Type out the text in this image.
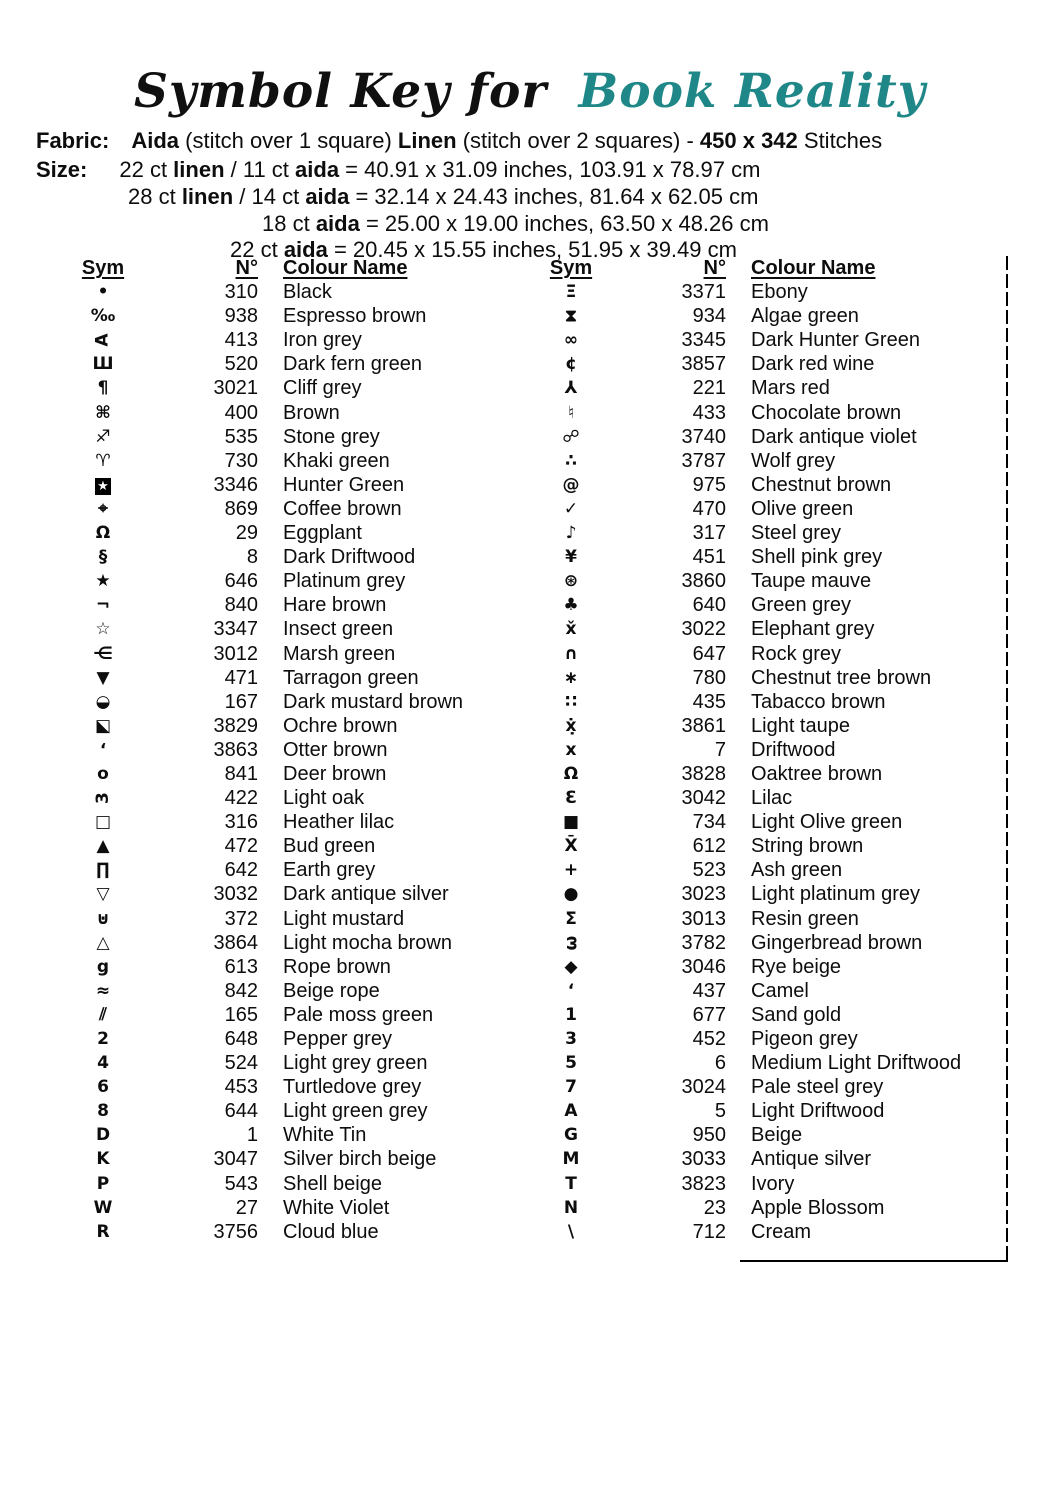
Symbol Key for Book Reality
Fabric: Aida (stitch over 1 square) Linen (stitch over 2 squares) - 450 x 342 Stitches
Size: 22 ct linen / 11 ct aida = 40.91 x 31.09 inches, 103.91 x 78.97 cm
28 ct linen / 14 ct aida = 32.14 x 24.43 inches, 81.64 x 62.05 cm
18 ct aida = 25.00 x 19.00 inches, 63.50 x 48.26 cm
22 ct aida = 20.45 x 15.55 inches, 51.95 x 39.49 cm
Sym	N°	Colour Name
•	310	Black
‰	938	Espresso brown
A	413	Iron grey
Ш	520	Dark fern green
¶	3021	Cliff grey
⌘	400	Brown
♐	535	Stone grey
♈	730	Khaki green
★	3346	Hunter Green
⌖	869	Coffee brown
Ω	29	Eggplant
§	8	Dark Driftwood
★	646	Platinum grey
¬	840	Hare brown
☆	3347	Insect green
⋲	3012	Marsh green
▼	471	Tarragon green
◒	167	Dark mustard brown
⬕	3829	Ochre brown
‚	3863	Otter brown
o	841	Deer brown
3	422	Light oak
□	316	Heather lilac
▲	472	Bud green
∏	642	Earth grey
▽	3032	Dark antique silver
⊍	372	Light mustard
△	3864	Light mocha brown
g	613	Rope brown
≈	842	Beige rope
⫽	165	Pale moss green
2	648	Pepper grey
4	524	Light grey green
6	453	Turtledove grey
8	644	Light green grey
D	1	White Tin
K	3047	Silver birch beige
P	543	Shell beige
W	27	White Violet
R	3756	Cloud blue
Sym	N°	Colour Name
Ξ	3371	Ebony
⧗	934	Algae green
∞	3345	Dark Hunter Green
¢	3857	Dark red wine
⅄	221	Mars red
♮	433	Chocolate brown
☍	3740	Dark antique violet
∴	3787	Wolf grey
@	975	Chestnut brown
✓	470	Olive green
♪	317	Steel grey
¥	451	Shell pink grey
⊛	3860	Taupe mauve
♣	640	Green grey
x̌	3022	Elephant grey
∩	647	Rock grey
∗	780	Chestnut tree brown
∷	435	Tabacco brown
ẋ̣	3861	Light taupe
x	7	Driftwood
Ω	3828	Oaktree brown
Ɛ	3042	Lilac
■	734	Light Olive green
X̄	612	String brown
+	523	Ash green
●	3023	Light platinum grey
Σ	3013	Resin green
ω	3782	Gingerbread brown
◆	3046	Rye beige
‘	437	Camel
1	677	Sand gold
3	452	Pigeon grey
5	6	Medium Light Driftwood
7	3024	Pale steel grey
A	5	Light Driftwood
G	950	Beige
M	3033	Antique silver
T	3823	Ivory
N	23	Apple Blossom
\	712	Cream
